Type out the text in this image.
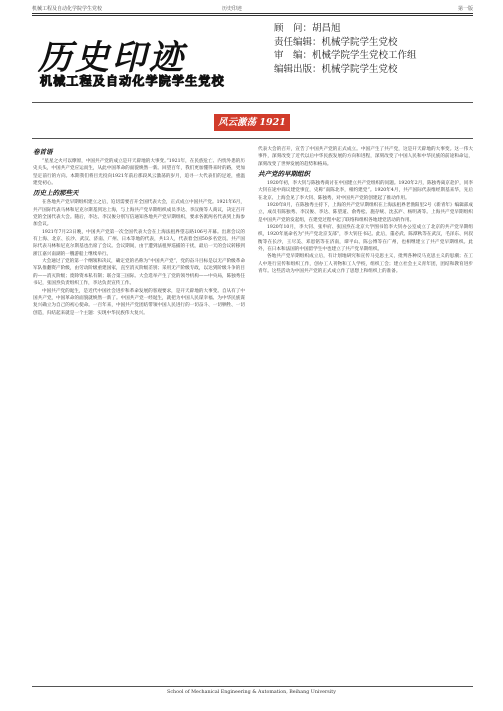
机械工程及自动化学院学生党校	历史印迹	第一版
历史印迹
机械工程及自动化学院学生党校
顾　问：胡昌旭
责任编辑：机械学院学生党校
审　编：机械学院学生党校工作组
编辑出版：机械学院学生党校
风云激荡 1921
卷首语

“星星之火可以燎原，中国共产党的成立是开天辟地的大事变。”1921年，在民族危亡、内忧外患的历史关头，中国共产党应运而生，从此中国革命的面貌焕然一新。回望百年，我们更加懂得来时的路，更加坚定前行的方向。本期我们将目光投向1921年前后那段风云激荡的岁月，追寻一大代表们的足迹，重温建党初心。

历史上的那些天

在各地共产党早期组织建立之后，迫切需要召开全国代表大会，正式成立中国共产党。1921年6月，共产国际代表马林和尼克尔斯基到达上海，与上海共产党早期组织成员李达、李汉俊等人商议，决定召开党的全国代表大会。随后，李达、李汉俊分别写信通知各地共产党早期组织，要求各派两名代表到上海参加会议。

1921年7月23日晚，中国共产党第一次全国代表大会在上海法租界望志路106号开幕。出席会议的有上海、北京、长沙、武汉、济南、广州、日本等地的代表，共13人，代表着全国50多名党员。共产国际代表马林和尼克尔斯基也出席了会议。会议期间，由于遭到法租界巡捕的干扰，最后一天的会议转移到浙江嘉兴南湖的一艘游船上继续举行。

大会通过了党的第一个纲领和决议，确定党的名称为“中国共产党”，党的奋斗目标是以无产阶级革命军队推翻资产阶级，由劳动阶级重建国家，直至消灭阶级差别；采用无产阶级专政，以达到阶级斗争的目的——消灭阶级；废除资本私有制；联合第三国际。大会选举产生了党的领导机构——中央局，陈独秀任书记，张国焘负责组织工作，李达负责宣传工作。

中国共产党的诞生，是近代中国社会进步和革命发展的客观要求，是开天辟地的大事变。自从有了中国共产党，中国革命的面貌就焕然一新了。中国共产党一经诞生，就把为中国人民谋幸福、为中华民族谋复兴确立为自己的初心使命。一百年来，中国共产党团结带领中国人民进行的一切奋斗、一切牺牲、一切创造，归结起来就是一个主题：实现中华民族伟大复兴。

代表大会的召开，宣告了中国共产党的正式成立。中国产生了共产党，这是开天辟地的大事变。这一伟大事件，深刻改变了近代以后中华民族发展的方向和进程，深刻改变了中国人民和中华民族的前途和命运，深刻改变了世界发展的趋势和格局。

共产党的早期组织

1920年初，李大钊与陈独秀商讨在中国建立共产党组织的问题。1920年2月，陈独秀离京赴沪，同李大钊在途中商议建党事宜，史称“南陈北李，相约建党”。1920年4月，共产国际代表维经斯基来华，先后在北京、上海会见了李大钊、陈独秀，对中国共产党的创建起了推动作用。

1920年8月，在陈独秀主持下，上海的共产党早期组织在上海法租界老渔阳里2号《新青年》编辑部成立，成员有陈独秀、李汉俊、李达、陈望道、俞秀松、施存统、沈玄庐、杨明斋等。上海共产党早期组织是中国共产党的发起组，在建党过程中起了联络和组织各地建党活动的作用。

1920年10月，李大钊、张申府、张国焘在北京大学图书馆李大钊办公室成立了北京的共产党早期组织，1920年底命名为“共产党北京支部”，李大钊任书记。此后，董必武、陈潭秋等在武汉，毛泽东、何叔衡等在长沙，王尽美、邓恩铭等在济南，谭平山、陈公博等在广州，也相继建立了共产党早期组织。此外，在日本和法国的中国留学生中也建立了共产党早期组织。

各地共产党早期组织成立后，有计划地研究和宣传马克思主义，批判各种反马克思主义的思潮；在工人中进行宣传和组织工作，创办工人刊物和工人学校，组织工会；建立社会主义青年团，团结和教育进步青年。这些活动为中国共产党的正式成立作了思想上和组织上的准备。

School of Mechanical Engineering & Automation, Beihang University
